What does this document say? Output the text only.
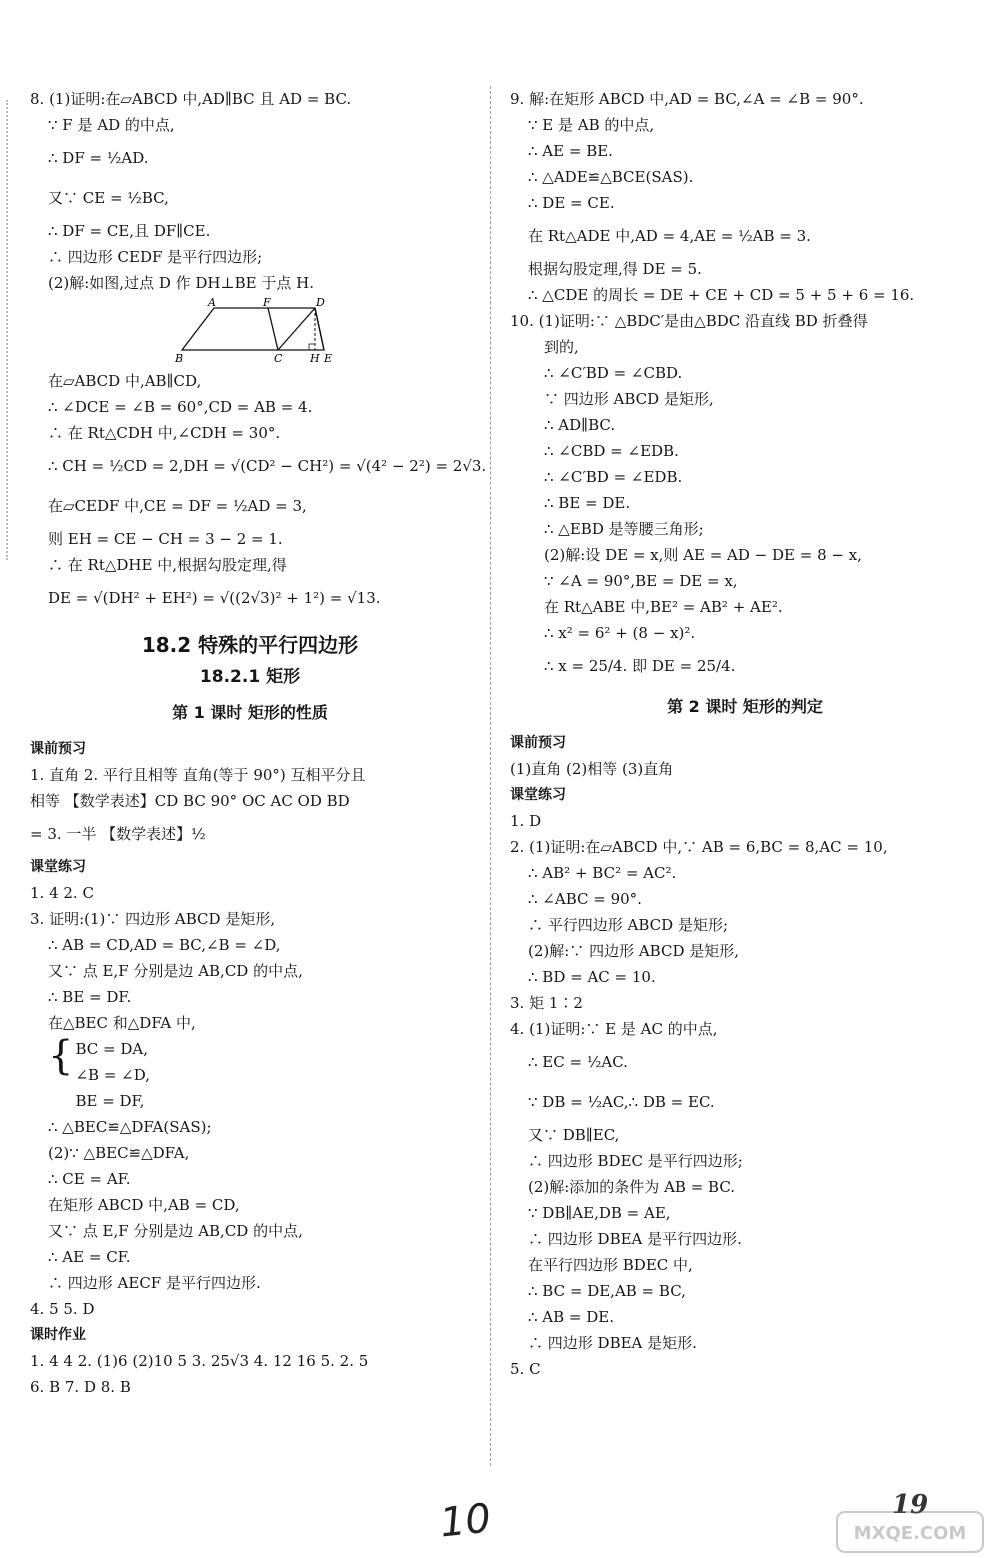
8. (1)证明:在▱ABCD 中,AD∥BC 且 AD = BC.
∵ F 是 AD 的中点,
∴ DF = ½AD.
又∵ CE = ½BC,
∴ DF = CE,且 DF∥CE.
∴ 四边形 CEDF 是平行四边形;
(2)解:如图,过点 D 作 DH⊥BE 于点 H.
A	F	D
B	C	H E
在▱ABCD 中,AB∥CD,
∴ ∠DCE = ∠B = 60°,CD = AB = 4.
∴ 在 Rt△CDH 中,∠CDH = 30°.
∴ CH = ½CD = 2,DH = √(CD² − CH²) = √(4² − 2²) = 2√3.
在▱CEDF 中,CE = DF = ½AD = 3,
则 EH = CE − CH = 3 − 2 = 1.
∴ 在 Rt△DHE 中,根据勾股定理,得
DE = √(DH² + EH²) = √((2√3)² + 1²) = √13.
18.2 特殊的平行四边形
18.2.1 矩形
第 1 课时 矩形的性质
课前预习
1. 直角 2. 平行且相等 直角(等于 90°) 互相平分且
相等 【数学表述】CD BC 90° OC AC OD BD
= 3. 一半 【数学表述】½
课堂练习
1. 4 2. C
3. 证明:(1)∵ 四边形 ABCD 是矩形,
∴ AB = CD,AD = BC,∠B = ∠D,
又∵ 点 E,F 分别是边 AB,CD 的中点,
∴ BE = DF.
在△BEC 和△DFA 中,
{ BC = DA,
∠B = ∠D,
BE = DF,
∴ △BEC≌△DFA(SAS);
(2)∵ △BEC≌△DFA,
∴ CE = AF.
在矩形 ABCD 中,AB = CD,
又∵ 点 E,F 分别是边 AB,CD 的中点,
∴ AE = CF.
∴ 四边形 AECF 是平行四边形.
4. 5 5. D
课时作业
1. 4 4 2. (1)6 (2)10 5 3. 25√3 4. 12 16 5. 2. 5
6. B 7. D 8. B
9. 解:在矩形 ABCD 中,AD = BC,∠A = ∠B = 90°.
∵ E 是 AB 的中点,
∴ AE = BE.
∴ △ADE≌△BCE(SAS).
∴ DE = CE.
在 Rt△ADE 中,AD = 4,AE = ½AB = 3.
根据勾股定理,得 DE = 5.
∴ △CDE 的周长 = DE + CE + CD = 5 + 5 + 6 = 16.
10. (1)证明:∵ △BDC′是由△BDC 沿直线 BD 折叠得
到的,
∴ ∠C′BD = ∠CBD.
∵ 四边形 ABCD 是矩形,
∴ AD∥BC.
∴ ∠CBD = ∠EDB.
∴ ∠C′BD = ∠EDB.
∴ BE = DE.
∴ △EBD 是等腰三角形;
(2)解:设 DE = x,则 AE = AD − DE = 8 − x,
∵ ∠A = 90°,BE = DE = x,
在 Rt△ABE 中,BE² = AB² + AE².
∴ x² = 6² + (8 − x)².
∴ x = 25/4. 即 DE = 25/4.
第 2 课时 矩形的判定
课前预习
(1)直角 (2)相等 (3)直角
课堂练习
1. D
2. (1)证明:在▱ABCD 中,∵ AB = 6,BC = 8,AC = 10,
∴ AB² + BC² = AC².
∴ ∠ABC = 90°.
∴ 平行四边形 ABCD 是矩形;
(2)解:∵ 四边形 ABCD 是矩形,
∴ BD = AC = 10.
3. 矩 1∶2
4. (1)证明:∵ E 是 AC 的中点,
∴ EC = ½AC.
∵ DB = ½AC,∴ DB = EC.
又∵ DB∥EC,
∴ 四边形 BDEC 是平行四边形;
(2)解:添加的条件为 AB = BC.
∵ DB∥AE,DB = AE,
∴ 四边形 DBEA 是平行四边形.
在平行四边形 BDEC 中,
∴ BC = DE,AB = BC,
∴ AB = DE.
∴ 四边形 DBEA 是矩形.
5. C
10	19
MXQE.COM
